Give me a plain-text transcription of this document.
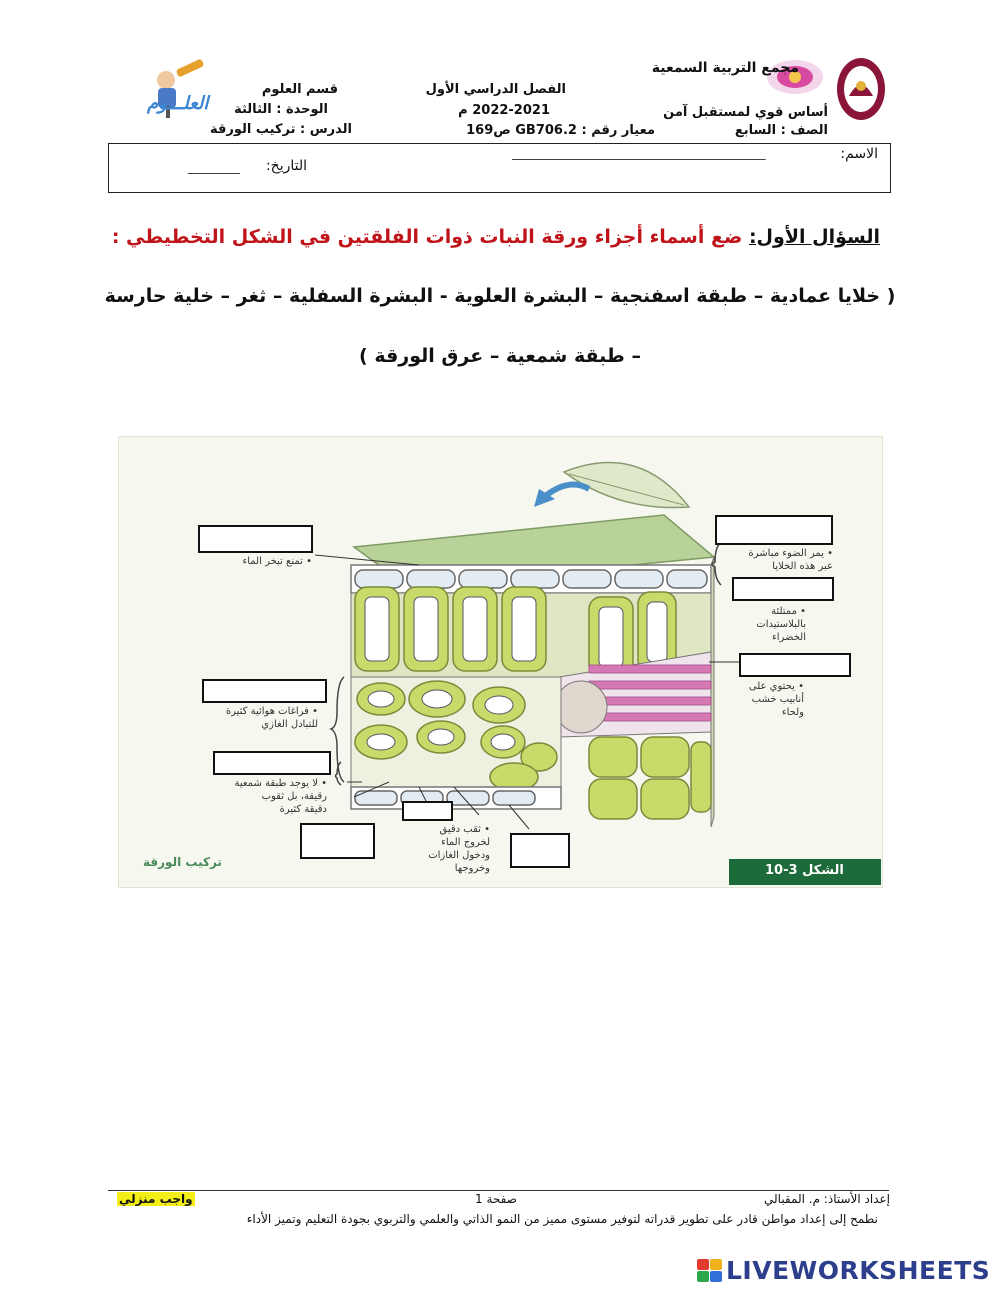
العلـــوم
مجمع التربية السمعية
أساس قوي لمستقبل آمن
الصف : السابع
الفصل الدراسي الأول
2022-2021 م
معيار رقم : GB706.2 ص169
قسم العلوم
الوحدة : الثالثة
الدرس : تركيب الورقة
الاسم:
_______________________________________
التاريخ:
________
السؤال الأول: ضع أسماء أجزاء ورقة النبات ذوات الفلقتين في الشكل التخطيطي :
( خلايا عمادية – طبقة اسفنجية – البشرة العلوية - البشرة السفلية – ثغر – خلية حارسة
– طبقة شمعية – عرق الورقة )
• تمنع تبخر الماء
• يمر الضوء مباشرة
عبر هذه الخلايا
• ممتلئة
بالبلاستيدات
الخضراء
• يحتوي على
أنابيب خشب
ولحاء
• فراغات هوائية كثيرة
للتبادل الغازي
• لا يوجد طبقة شمعية
رقيقة، بل ثقوب
دقيقة كثيرة
• ثقب دقيق
لخروج الماء
ودخول الغازات
وخروجها
تركيب الورقة
الشكل 3-10
إعداد الأستاذ: م. المقبالي
صفحة 1
واجب منزلي
نطمح إلى إعداد مواطن قادر على تطوير قدراته لتوفير مستوى مميز من النمو الذاتي والعلمي والتربوي بجودة التعليم وتميز الأداء
LIVEWORKSHEETS
